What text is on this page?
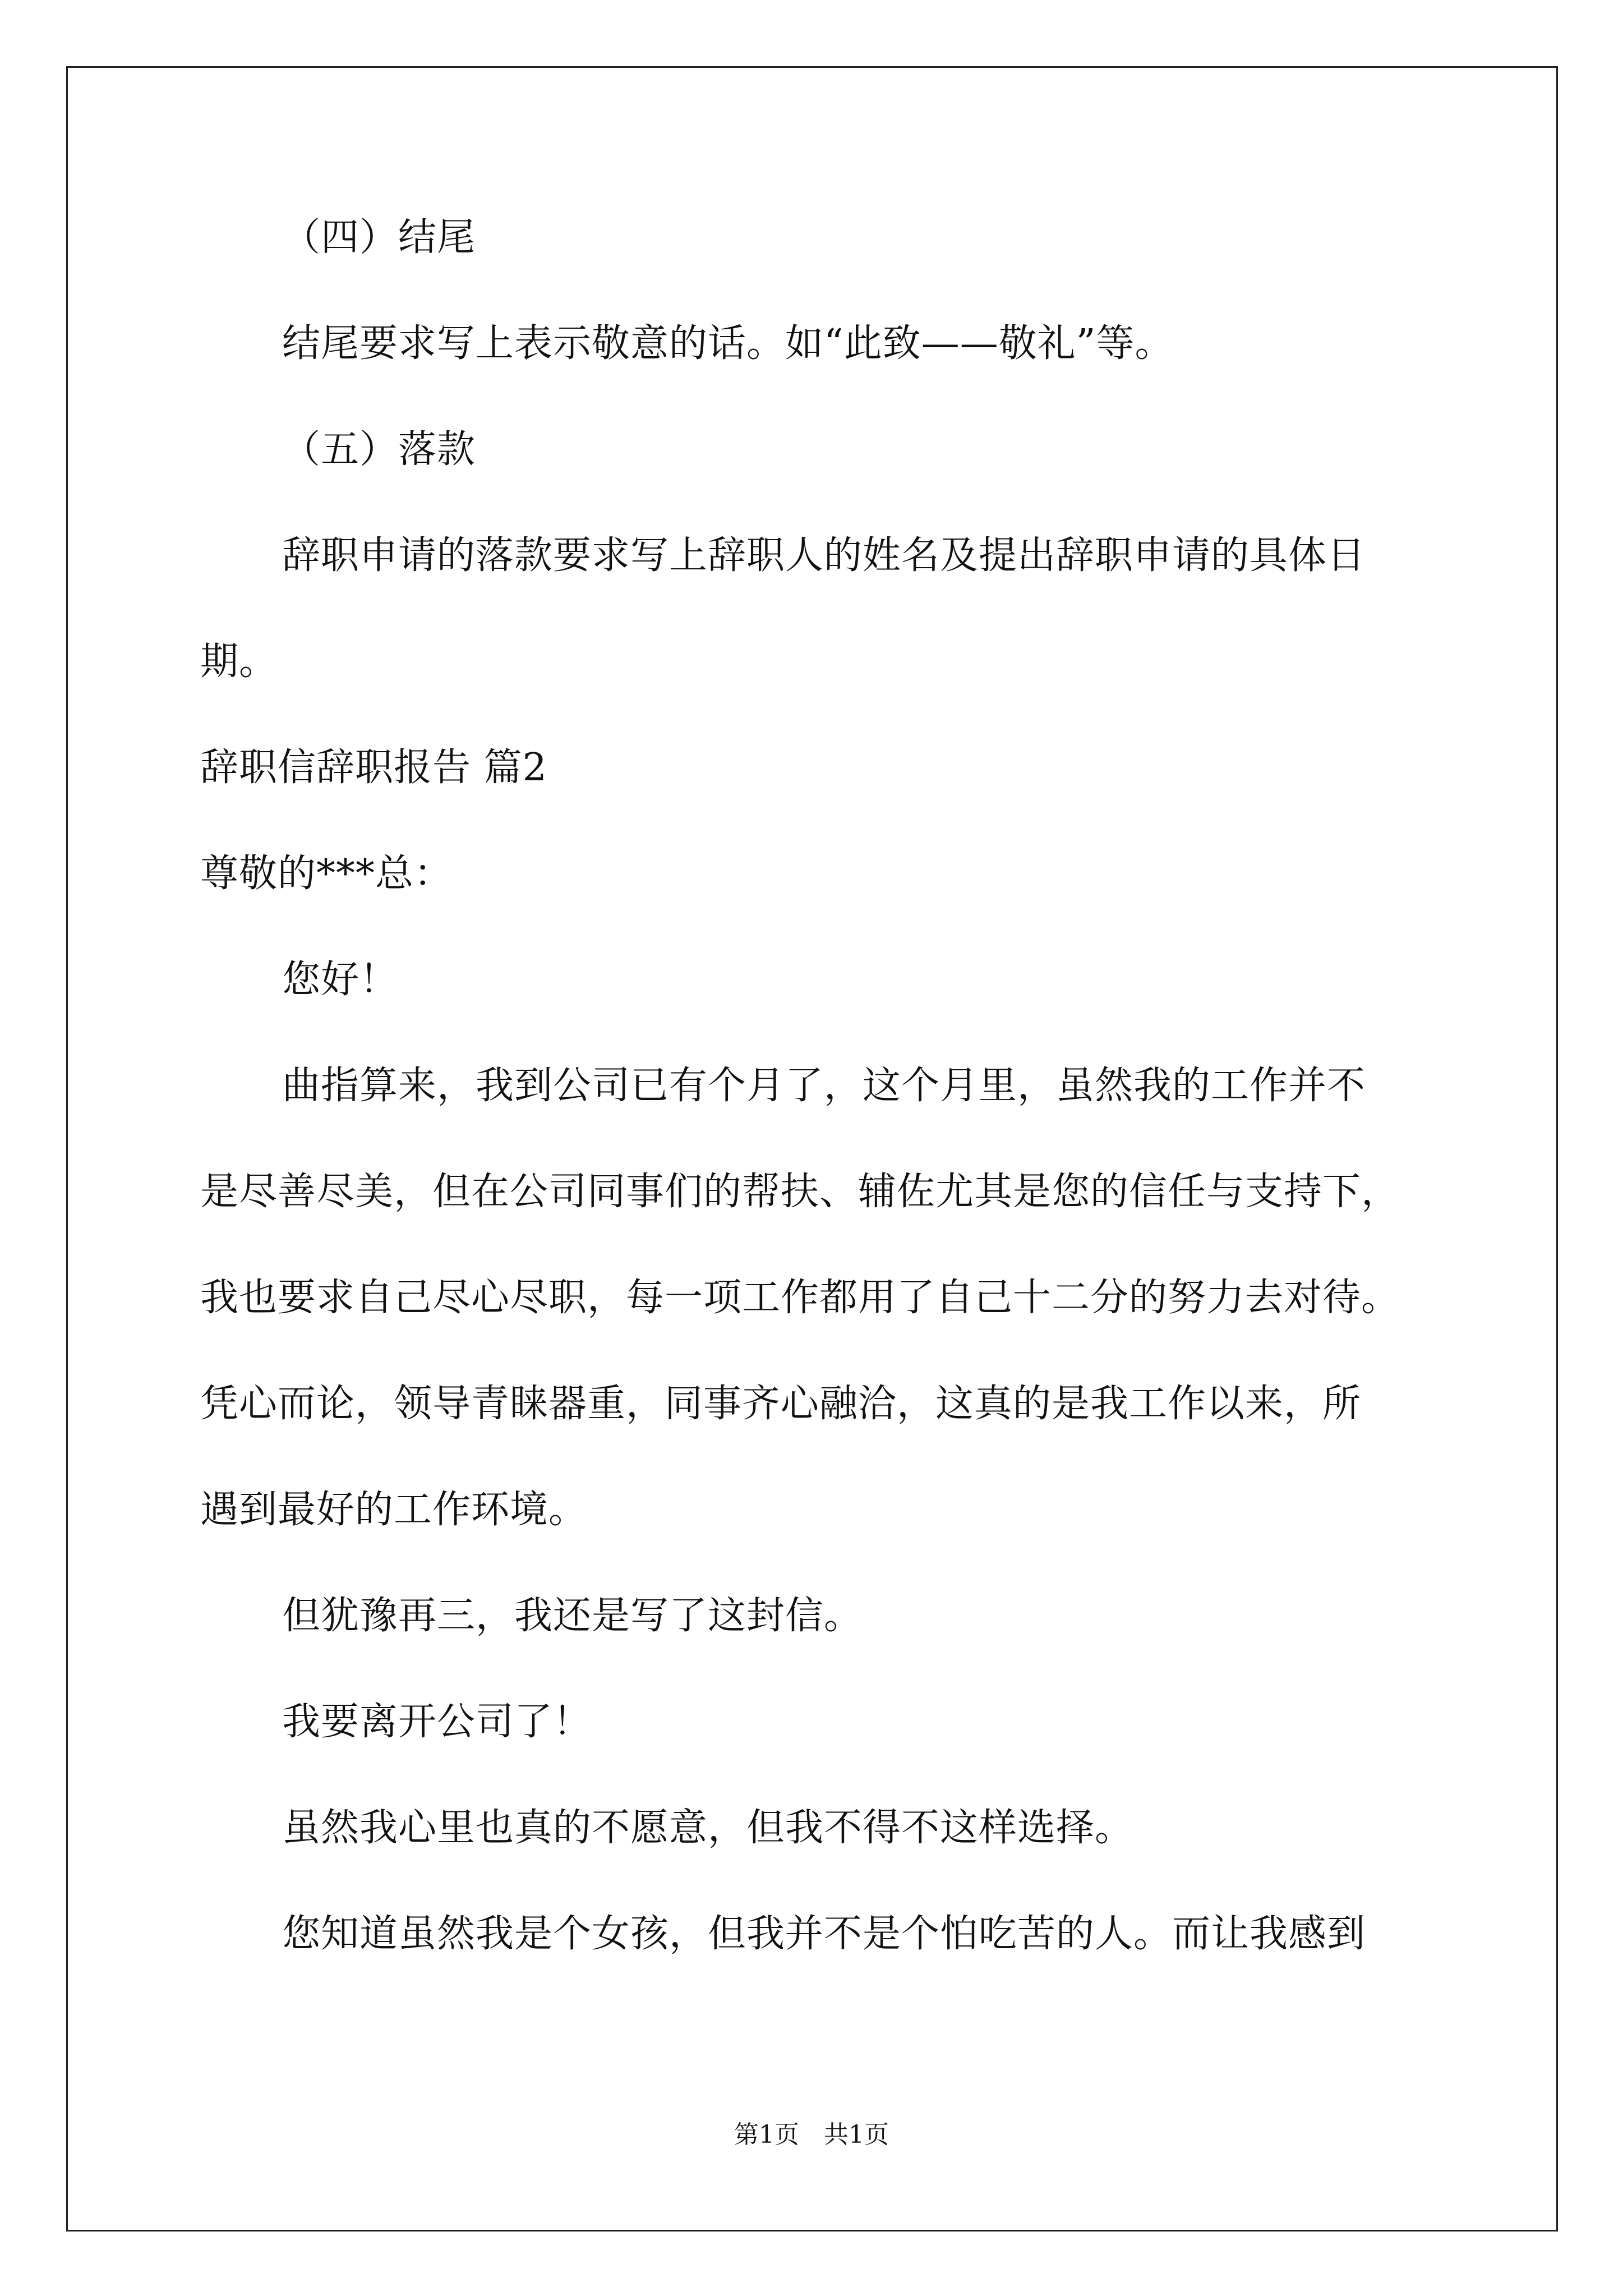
（四）结尾
结尾要求写上表示敬意的话。如“此致——敬礼”等。
（五）落款
辞职申请的落款要求写上辞职人的姓名及提出辞职申请的具体日
期。
辞职信辞职报告 篇2
尊敬的***总：
您好！
曲指算来，我到公司已有个月了，这个月里，虽然我的工作并不
是尽善尽美，但在公司同事们的帮扶、辅佐尤其是您的信任与支持下，
我也要求自己尽心尽职，每一项工作都用了自己十二分的努力去对待。
凭心而论，领导青睐器重，同事齐心融洽，这真的是我工作以来，所
遇到最好的工作环境。
但犹豫再三，我还是写了这封信。
我要离开公司了！
虽然我心里也真的不愿意，但我不得不这样选择。
您知道虽然我是个女孩，但我并不是个怕吃苦的人。而让我感到
第1页　共1页
